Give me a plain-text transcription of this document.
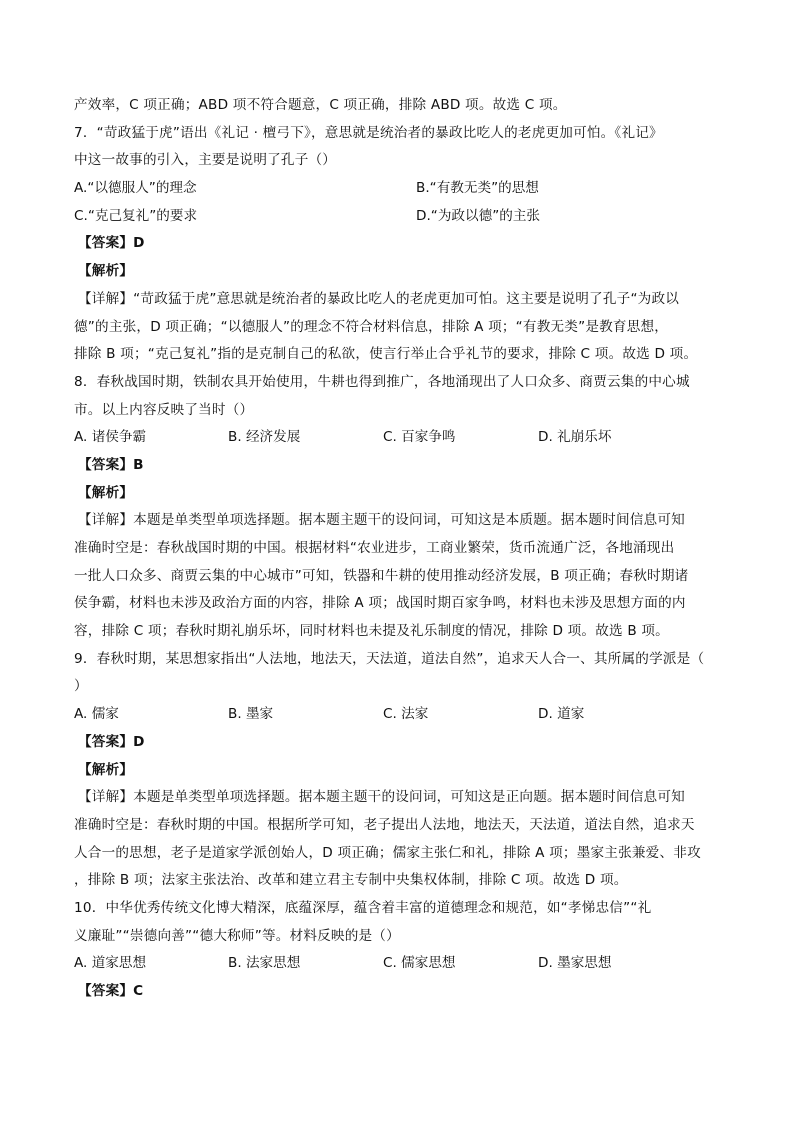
产效率，C 项正确；ABD 项不符合题意，C 项正确，排除 ABD 项。故选 C 项。
7．“苛政猛于虎”语出《礼记 · 檀弓下》，意思就是统治者的暴政比吃人的老虎更加可怕。《礼记》
中这一故事的引入，主要是说明了孔子（）
A.“以德服人”的理念	B.“有教无类”的思想
C.“克己复礼”的要求	D.“为政以德”的主张
【答案】D
【解析】
【详解】“苛政猛于虎”意思就是统治者的暴政比吃人的老虎更加可怕。这主要是说明了孔子“为政以
德”的主张，D 项正确；“以德服人”的理念不符合材料信息，排除 A 项；“有教无类”是教育思想，
排除 B 项；“克己复礼”指的是克制自己的私欲，使言行举止合乎礼节的要求，排除 C 项。故选 D 项。
8．春秋战国时期，铁制农具开始使用，牛耕也得到推广，各地涌现出了人口众多、商贾云集的中心城
市。以上内容反映了当时（）
A. 诸侯争霸	B. 经济发展	C. 百家争鸣	D. 礼崩乐坏
【答案】B
【解析】
【详解】本题是单类型单项选择题。据本题主题干的设问词，可知这是本质题。据本题时间信息可知
准确时空是：春秋战国时期的中国。根据材料“农业进步，工商业繁荣，货币流通广泛，各地涌现出
一批人口众多、商贾云集的中心城市”可知，铁器和牛耕的使用推动经济发展，B 项正确；春秋时期诸
侯争霸，材料也未涉及政治方面的内容，排除 A 项；战国时期百家争鸣，材料也未涉及思想方面的内
容，排除 C 项；春秋时期礼崩乐坏，同时材料也未提及礼乐制度的情况，排除 D 项。故选 B 项。
9．春秋时期，某思想家指出“人法地，地法天，天法道，道法自然”，追求天人合一、其所属的学派是（
）
A. 儒家	B. 墨家	C. 法家	D. 道家
【答案】D
【解析】
【详解】本题是单类型单项选择题。据本题主题干的设问词，可知这是正向题。据本题时间信息可知
准确时空是：春秋时期的中国。根据所学可知，老子提出人法地，地法天，天法道，道法自然，追求天
人合一的思想，老子是道家学派创始人，D 项正确；儒家主张仁和礼，排除 A 项；墨家主张兼爱、非攻
，排除 B 项；法家主张法治、改革和建立君主专制中央集权体制，排除 C 项。故选 D 项。
10．中华优秀传统文化博大精深，底蕴深厚，蕴含着丰富的道德理念和规范，如“孝悌忠信”“礼
义廉耻”“崇德向善”“德大称师”等。材料反映的是（）
A. 道家思想	B. 法家思想	C. 儒家思想	D. 墨家思想
【答案】C
